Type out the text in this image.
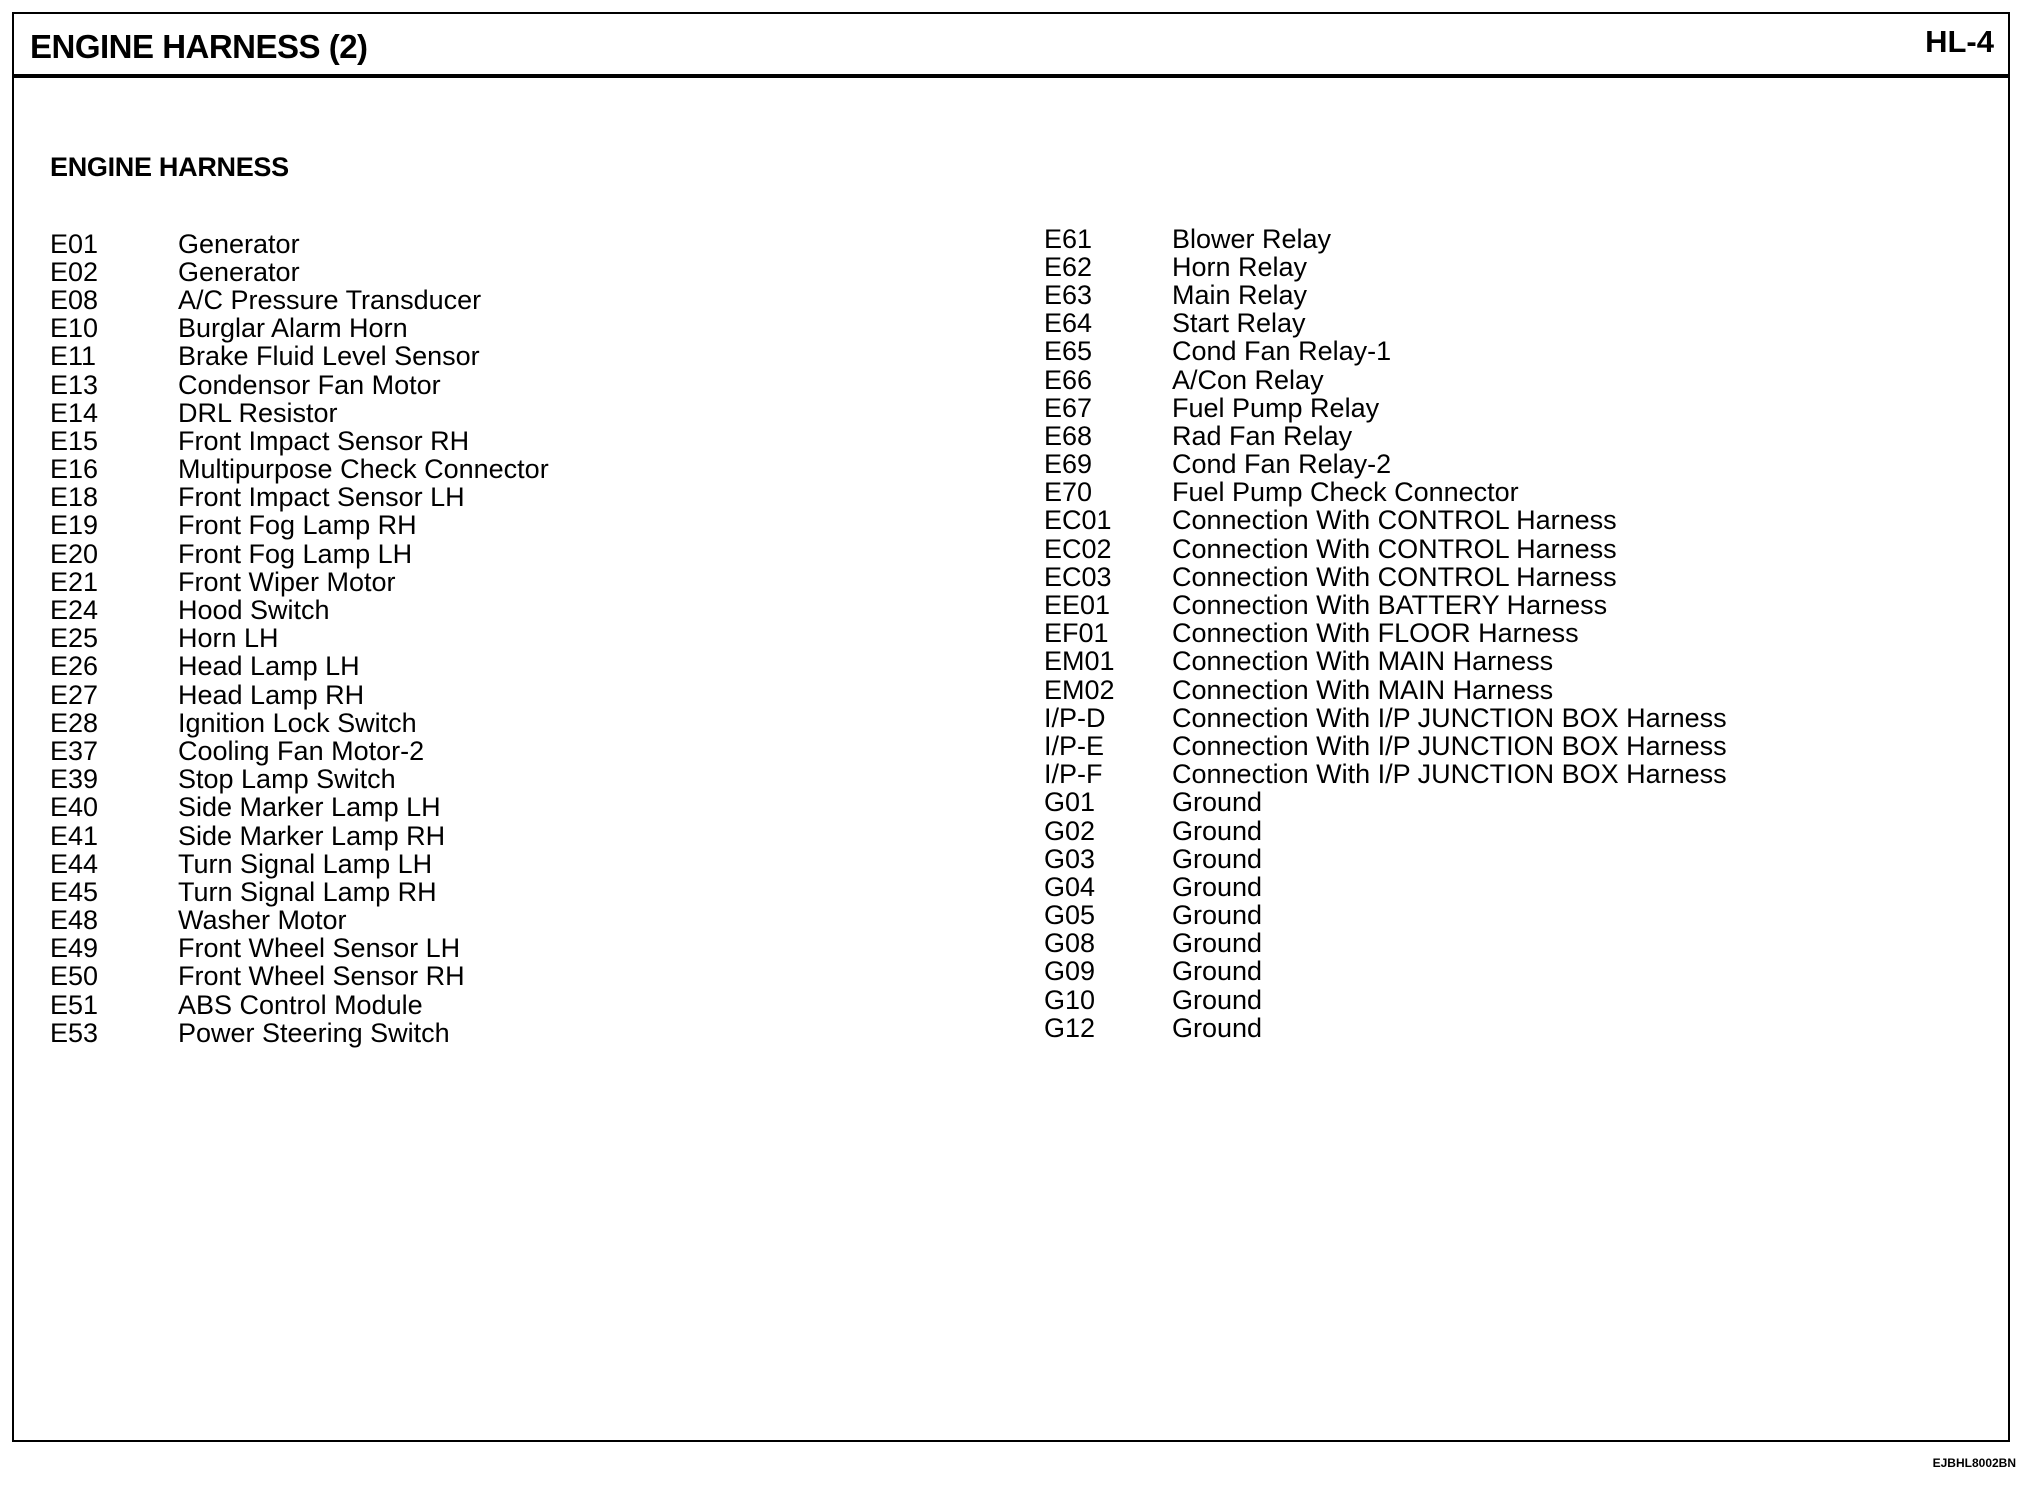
ENGINE HARNESS (2)	HL-4
ENGINE HARNESS
E01	Generator
E02	Generator
E08	A/C Pressure Transducer
E10	Burglar Alarm Horn
E11	Brake Fluid Level Sensor
E13	Condensor Fan Motor
E14	DRL Resistor
E15	Front Impact Sensor RH
E16	Multipurpose Check Connector
E18	Front Impact Sensor LH
E19	Front Fog Lamp RH
E20	Front Fog Lamp LH
E21	Front Wiper Motor
E24	Hood Switch
E25	Horn LH
E26	Head Lamp LH
E27	Head Lamp RH
E28	Ignition Lock Switch
E37	Cooling Fan Motor-2
E39	Stop Lamp Switch
E40	Side Marker Lamp LH
E41	Side Marker Lamp RH
E44	Turn Signal Lamp LH
E45	Turn Signal Lamp RH
E48	Washer Motor
E49	Front Wheel Sensor LH
E50	Front Wheel Sensor RH
E51	ABS Control Module
E53	Power Steering Switch
E61	Blower Relay
E62	Horn Relay
E63	Main Relay
E64	Start Relay
E65	Cond Fan Relay-1
E66	A/Con Relay
E67	Fuel Pump Relay
E68	Rad Fan Relay
E69	Cond Fan Relay-2
E70	Fuel Pump Check Connector
EC01	Connection With CONTROL Harness
EC02	Connection With CONTROL Harness
EC03	Connection With CONTROL Harness
EE01	Connection With BATTERY Harness
EF01	Connection With FLOOR Harness
EM01	Connection With MAIN Harness
EM02	Connection With MAIN Harness
I/P-D	Connection With I/P JUNCTION BOX Harness
I/P-E	Connection With I/P JUNCTION BOX Harness
I/P-F	Connection With I/P JUNCTION BOX Harness
G01	Ground
G02	Ground
G03	Ground
G04	Ground
G05	Ground
G08	Ground
G09	Ground
G10	Ground
G12	Ground
EJBHL8002BN
